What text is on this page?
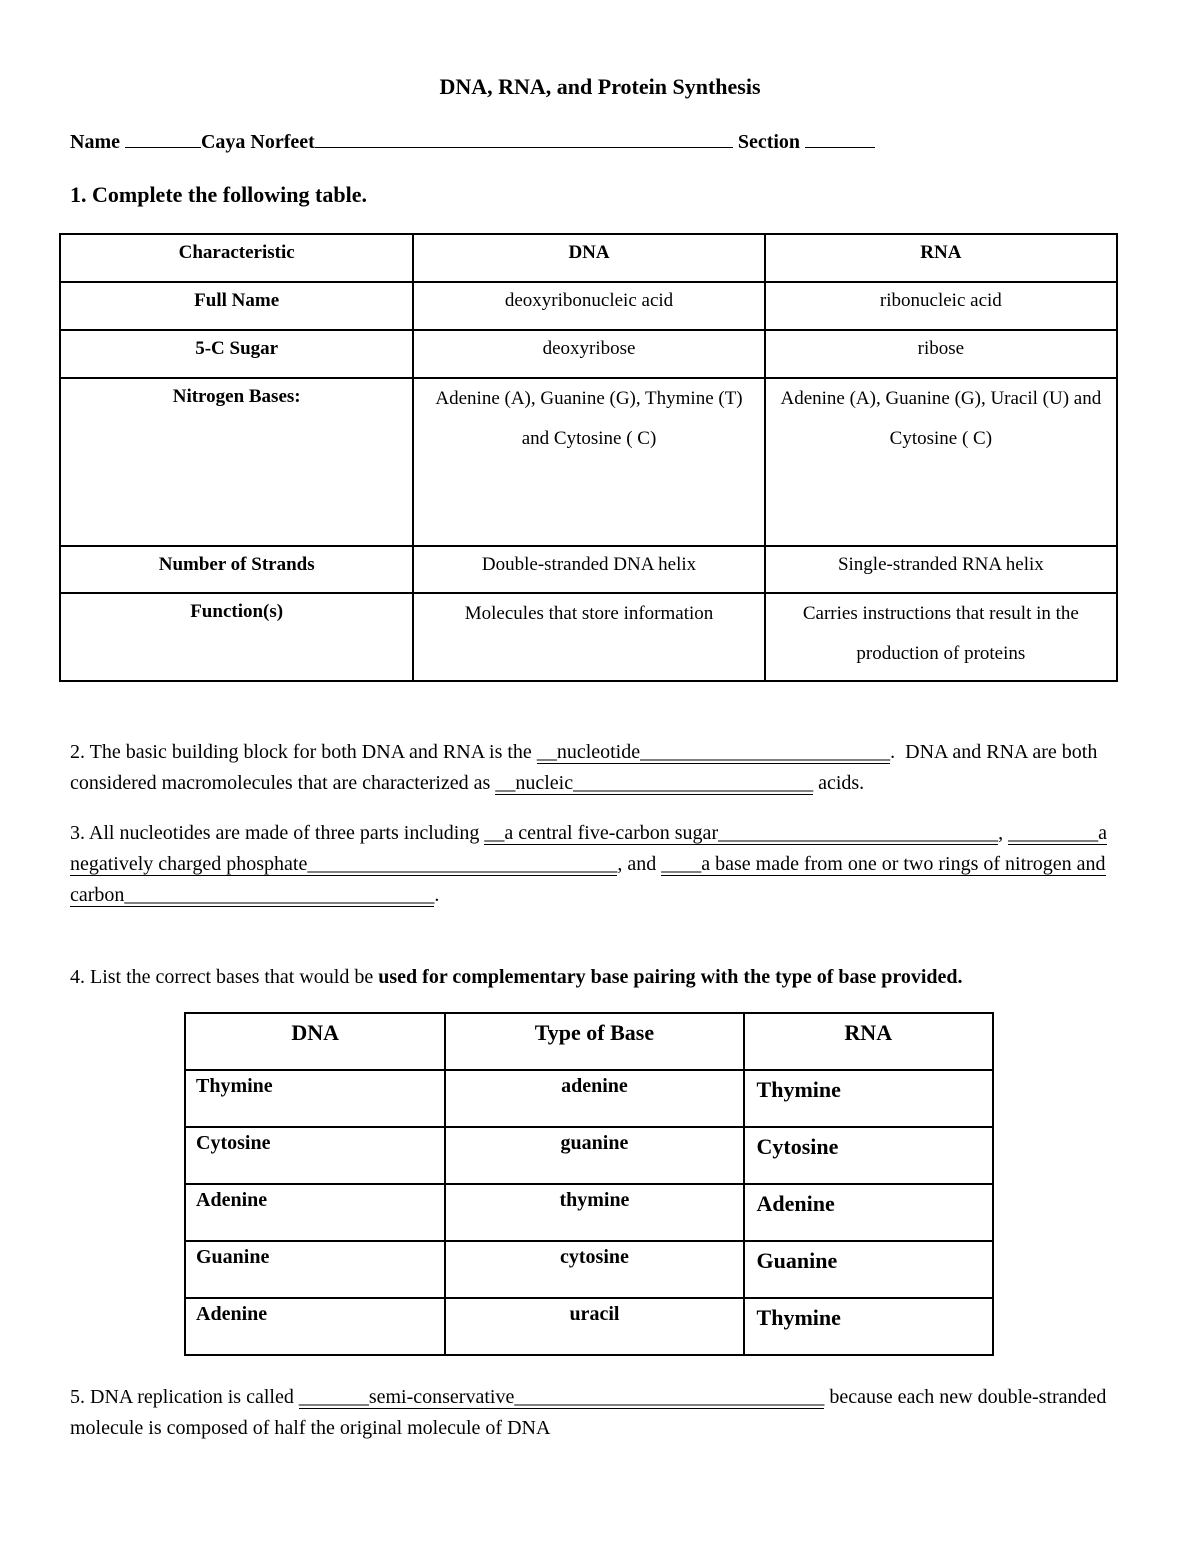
DNA, RNA, and Protein Synthesis
Name	Caya Norfeet	Section
1. Complete the following table.
Characteristic	DNA	RNA
Full Name	deoxyribonucleic acid	ribonucleic acid
5-C Sugar	deoxyribose	ribose
Nitrogen Bases:	Adenine (A), Guanine (G), Thymine (T) and Cytosine ( C)	Adenine (A), Guanine (G), Uracil (U) and Cytosine ( C)
Number of Strands	Double-stranded DNA helix	Single-stranded RNA helix
Function(s)	Molecules that store information	Carries instructions that result in the production of proteins
2. The basic building block for both DNA and RNA is the __nucleotide_________________________.  DNA and RNA are both considered macromolecules that are characterized as __nucleic________________________ acids.
3. All nucleotides are made of three parts including __a central five-carbon sugar____________________________, _________a negatively charged phosphate_______________________________, and ____a base made from one or two rings of nitrogen and carbon_______________________________.
4. List the correct bases that would be used for complementary base pairing with the type of base provided.
DNA	Type of Base	RNA
Thymine	adenine	Thymine
Cytosine	guanine	Cytosine
Adenine	thymine	Adenine
Guanine	cytosine	Guanine
Adenine	uracil	Thymine
5. DNA replication is called _______semi-conservative_______________________________ because each new double-stranded molecule is composed of half the original molecule of DNA
